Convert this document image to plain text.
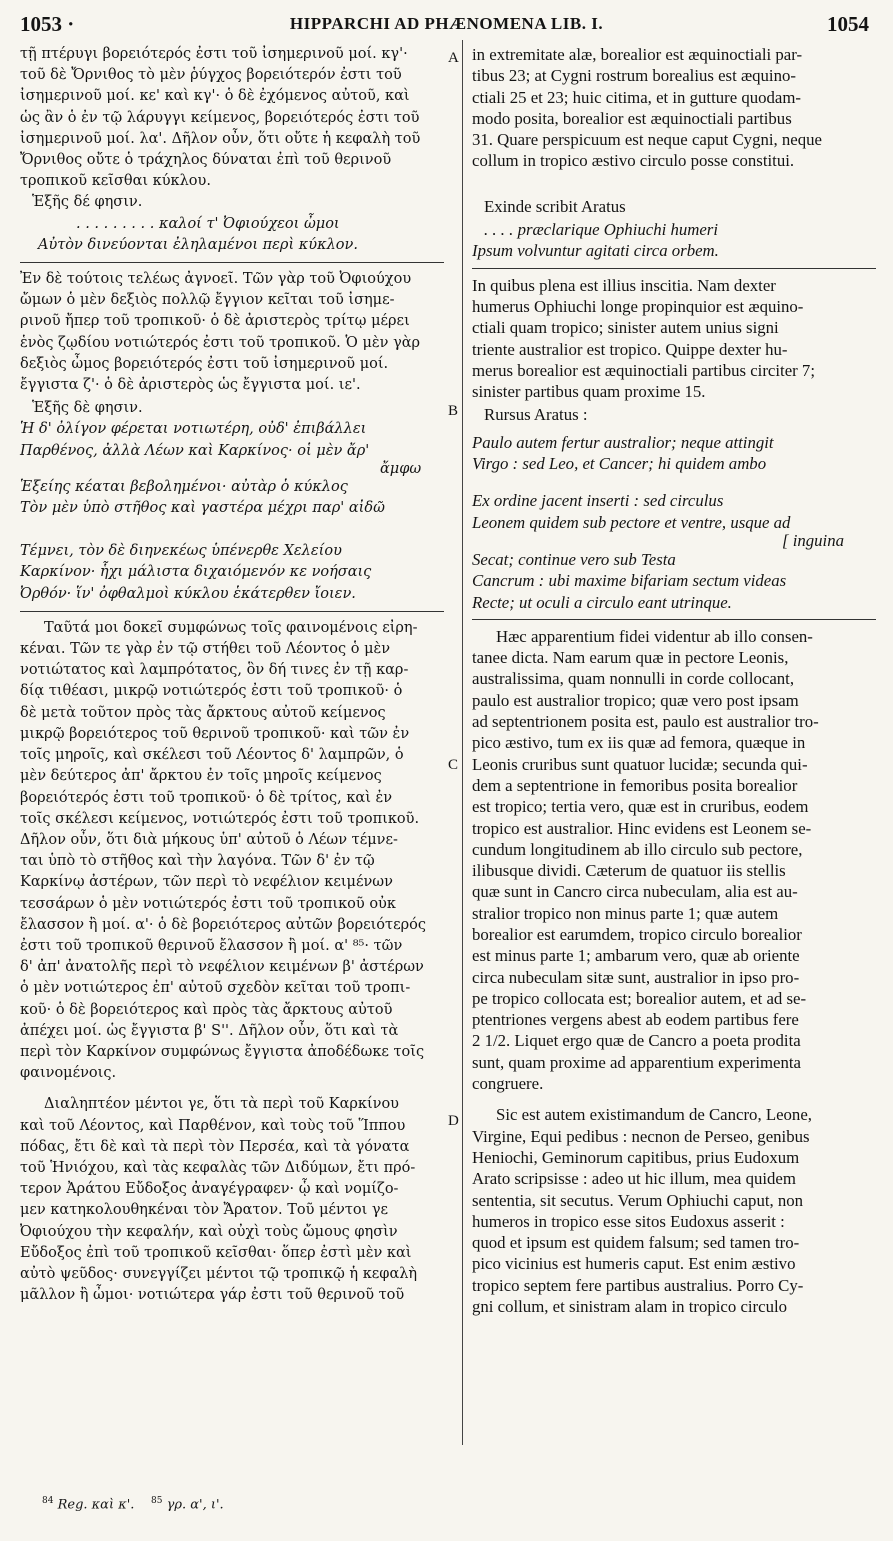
1053 ·	HIPPARCHI AD PHÆNOMENA LIB. I.	1054
A
B
C
D

τῇ πτέρυγι βορειότερός ἐστι τοῦ ἰσημερινοῦ μοί. κγ'·
τοῦ δὲ Ὄρνιθος τὸ μὲν ῥύγχος βορειότερόν ἐστι τοῦ
ἰσημερινοῦ μοί. κε' καὶ κγ'· ὁ δὲ ἐχόμενος αὐτοῦ, καὶ
ὡς ἂν ὁ ἐν τῷ λάρυγγι κείμενος, βορειότερός ἐστι τοῦ
ἰσημερινοῦ μοί. λα'. Δῆλον οὖν, ὅτι οὔτε ἡ κεφαλὴ τοῦ
Ὄρνιθος οὔτε ὁ τράχηλος δύναται ἐπὶ τοῦ θερινοῦ
τροπικοῦ κεῖσθαι κύκλου.

Ἑξῆς δέ φησιν.

. . . . . . . . . καλοί τ' Ὀφιούχεοι ὦμοι
Αὐτὸν δινεύονται ἐληλαμένοι περὶ κύκλον.

Ἐν δὲ τούτοις τελέως ἀγνοεῖ. Τῶν γὰρ τοῦ Ὀφιούχου
ὤμων ὁ μὲν δεξιὸς πολλῷ ἔγγιον κεῖται τοῦ ἰσημε-
ρινοῦ ἤπερ τοῦ τροπικοῦ· ὁ δὲ ἀριστερὸς τρίτῳ μέρει
ἑνὸς ζῳδίου νοτιώτερός ἐστι τοῦ τροπικοῦ. Ὁ μὲν γὰρ
δεξιὸς ὦμος βορειότερός ἐστι τοῦ ἰσημερινοῦ μοί.
ἔγγιστα ζ'· ὁ δὲ ἀριστερὸς ὡς ἔγγιστα μοί. ιε'.

Ἑξῆς δὲ φησιν.

Ἡ δ' ὀλίγον φέρεται νοτιωτέρη, οὐδ' ἐπιβάλλει
Παρθένος, ἀλλὰ Λέων καὶ Καρκίνος· οἱ μὲν ἄρ'
ἄμφω
Ἑξείης κέαται βεβολημένοι· αὐτὰρ ὁ κύκλος
Τὸν μὲν ὑπὸ στῆθος καὶ γαστέρα μέχρι παρ' αἰδῶ
Τέμνει, τὸν δὲ διηνεκέως ὑπένερθε Χελείου
Καρκίνον· ἧχι μάλιστα διχαιόμενόν κε νοήσαις
Ὀρθόν· ἵν' ὀφθαλμοὶ κύκλου ἑκάτερθεν ἴοιεν.

Ταῦτά μοι δοκεῖ συμφώνως τοῖς φαινομένοις εἰρη-
κέναι. Τῶν τε γὰρ ἐν τῷ στήθει τοῦ Λέοντος ὁ μὲν
νοτιώτατος καὶ λαμπρότατος, ὃν δή τινες ἐν τῇ καρ-
δίᾳ τιθέασι, μικρῷ νοτιώτερός ἐστι τοῦ τροπικοῦ· ὁ
δὲ μετὰ τοῦτον πρὸς τὰς ἄρκτους αὐτοῦ κείμενος
μικρῷ βορειότερος τοῦ θερινοῦ τροπικοῦ· καὶ τῶν ἐν
τοῖς μηροῖς, καὶ σκέλεσι τοῦ Λέοντος δ' λαμπρῶν, ὁ
μὲν δεύτερος ἀπ' ἄρκτου ἐν τοῖς μηροῖς κείμενος
βορειότερός ἐστι τοῦ τροπικοῦ· ὁ δὲ τρίτος, καὶ ἐν
τοῖς σκέλεσι κείμενος, νοτιώτερός ἐστι τοῦ τροπικοῦ.
Δῆλον οὖν, ὅτι διὰ μήκους ὑπ' αὐτοῦ ὁ Λέων τέμνε-
ται ὑπὸ τὸ στῆθος καὶ τὴν λαγόνα. Τῶν δ' ἐν τῷ
Καρκίνῳ ἀστέρων, τῶν περὶ τὸ νεφέλιον κειμένων
τεσσάρων ὁ μὲν νοτιώτερός ἐστι τοῦ τροπικοῦ οὐκ
ἔλασσον ἢ μοί. α'· ὁ δὲ βορειότερος αὐτῶν βορειότερός
ἐστι τοῦ τροπικοῦ θερινοῦ ἔλασσον ἢ μοί. α' ⁸⁵· τῶν
δ' ἀπ' ἀνατολῆς περὶ τὸ νεφέλιον κειμένων β' ἀστέρων
ὁ μὲν νοτιώτερος ἐπ' αὐτοῦ σχεδὸν κεῖται τοῦ τροπι-
κοῦ· ὁ δὲ βορειότερος καὶ πρὸς τὰς ἄρκτους αὐτοῦ
ἀπέχει μοί. ὡς ἔγγιστα β' S''. Δῆλον οὖν, ὅτι καὶ τὰ
περὶ τὸν Καρκίνον συμφώνως ἔγγιστα ἀποδέδωκε τοῖς
φαινομένοις.

Διαληπτέον μέντοι γε, ὅτι τὰ περὶ τοῦ Καρκίνου
καὶ τοῦ Λέοντος, καὶ Παρθένον, καὶ τοὺς τοῦ Ἵππου
πόδας, ἔτι δὲ καὶ τὰ περὶ τὸν Περσέα, καὶ τὰ γόνατα
τοῦ Ἡνιόχου, καὶ τὰς κεφαλὰς τῶν Διδύμων, ἔτι πρό-
τερον Ἀράτου Εὔδοξος ἀναγέγραφεν· ᾧ καὶ νομίζο-
μεν κατηκολουθηκέναι τὸν Ἄρατον. Τοῦ μέντοι γε
Ὀφιούχου τὴν κεφαλήν, καὶ οὐχὶ τοὺς ὤμους φησὶν
Εὔδοξος ἐπὶ τοῦ τροπικοῦ κεῖσθαι· ὅπερ ἐστὶ μὲν καὶ
αὐτὸ ψεῦδος· συνεγγίζει μέντοι τῷ τροπικῷ ἡ κεφαλὴ
μᾶλλον ἢ ὦμοι· νοτιώτερα γάρ ἐστι τοῦ θερινοῦ τοῦ

in extremitate alæ, borealior est æquinoctiali par-
tibus 23; at Cygni rostrum borealius est æquino-
ctiali 25 et 23; huic citima, et in gutture quodam-
modo posita, borealior est æquinoctiali partibus
31. Quare perspicuum est neque caput Cygni, neque
collum in tropico æstivo circulo posse constitui.

Exinde scribit Aratus

. . . . præclarique Ophiuchi humeri
Ipsum volvuntur agitati circa orbem.

In quibus plena est illius inscitia. Nam dexter
humerus Ophiuchi longe propinquior est æquino-
ctiali quam tropico; sinister autem unius signi
triente australior est tropico. Quippe dexter hu-
merus borealior est æquinoctiali partibus circiter 7;
sinister partibus quam proxime 15.

Rursus Aratus :

Paulo autem fertur australior; neque attingit
Virgo : sed Leo, et Cancer; hi quidem ambo
Ex ordine jacent inserti : sed circulus
Leonem quidem sub pectore et ventre, usque ad
[ inguina
Secat; continue vero sub Testa
Cancrum : ubi maxime bifariam sectum videas
Recte; ut oculi a circulo eant utrinque.

Hæc apparentium fidei videntur ab illo consen-
tanee dicta. Nam earum quæ in pectore Leonis,
australissima, quam nonnulli in corde collocant,
paulo est australior tropico; quæ vero post ipsam
ad septentrionem posita est, paulo est australior tro-
pico æstivo, tum ex iis quæ ad femora, quæque in
Leonis cruribus sunt quatuor lucidæ; secunda qui-
dem a septentrione in femoribus posita borealior
est tropico; tertia vero, quæ est in cruribus, eodem
tropico est australior. Hinc evidens est Leonem se-
cundum longitudinem ab illo circulo sub pectore,
ilibusque dividi. Cæterum de quatuor iis stellis
quæ sunt in Cancro circa nubeculam, alia est au-
stralior tropico non minus parte 1; quæ autem
borealior est earumdem, tropico circulo borealior
est minus parte 1; ambarum vero, quæ ab oriente
circa nubeculam sitæ sunt, australior in ipso pro-
pe tropico collocata est; borealior autem, et ad se-
ptentriones vergens abest ab eodem partibus fere
2 1/2. Liquet ergo quæ de Cancro a poeta prodita
sunt, quam proxime ad apparentium experimenta
congruere.

Sic est autem existimandum de Cancro, Leone,
Virgine, Equi pedibus : necnon de Perseo, genibus
Heniochi, Geminorum capitibus, prius Eudoxum
Arato scripsisse : adeo ut hic illum, mea quidem
sententia, sit secutus. Verum Ophiuchi caput, non
humeros in tropico esse sitos Eudoxus asserit :
quod et ipsum est quidem falsum; sed tamen tro-
pico vicinius est humeris caput. Est enim æstivo
tropico septem fere partibus australius. Porro Cy-
gni collum, et sinistram alam in tropico circulo

$^{84}$ Reg. καὶ κ'. $^{85}$ γρ. α', ι'.
